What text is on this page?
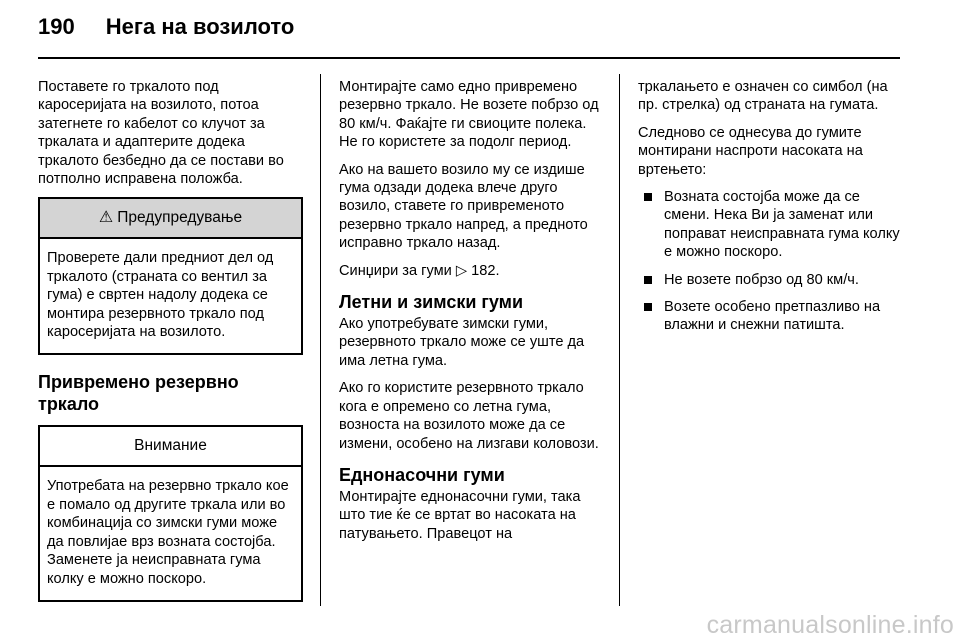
190 Нега на возилото

Поставете го тркалото под каросеријата на возилото, потоа затегнете го кабелот со клучот за тркалата и адаптерите додека тркалото безбедно да се постави во потполно исправена положба.

⚠ Предупредување
Проверете дали предниот дел од тркалото (страната со вентил за гума) е свртен надолу додека се монтира резервното тркало под каросеријата на возилото.
Привремено резервно тркало
Внимание
Употребата на резервно тркало кое е помало од другите тркала или во комбинација со зимски гуми може да повлијае врз возната состојба. Заменете ја неисправната гума колку е можно поскоро.

Монтирајте само едно привремено резервно тркало. Не возете побрзо од 80 км/ч. Фаќајте ги свиоците полека. Не го користете за подолг период.

Ако на вашето возило му се издише гума одзади додека влече друго возило, ставете го привременото резервно тркало напред, а предното исправно тркало назад.

Синџири за гуми ▷ 182.

Летни и зимски гуми

Ако употребувате зимски гуми, резервното тркало може се уште да има летна гума.

Ако го користите резервното тркало кога е опремено со летна гума, возноста на возилото може да се измени, особено на лизгави коловози.

Еднонасочни гуми

Монтирајте еднонасочни гуми, така што тие ќе се вртат во насоката на патувањето. Правецот на

тркалањето е означен со симбол (на пр. стрелка) од страната на гумата.

Следново се однесува до гумите монтирани наспроти насоката на вртењето:

Возната состојба може да се смени. Нека Ви ја заменат или поправат неисправната гума колку е можно поскоро.
Не возете побрзо од 80 км/ч.
Возете особено претпазливо на влажни и снежни патишта.
carmanualsonline.info
